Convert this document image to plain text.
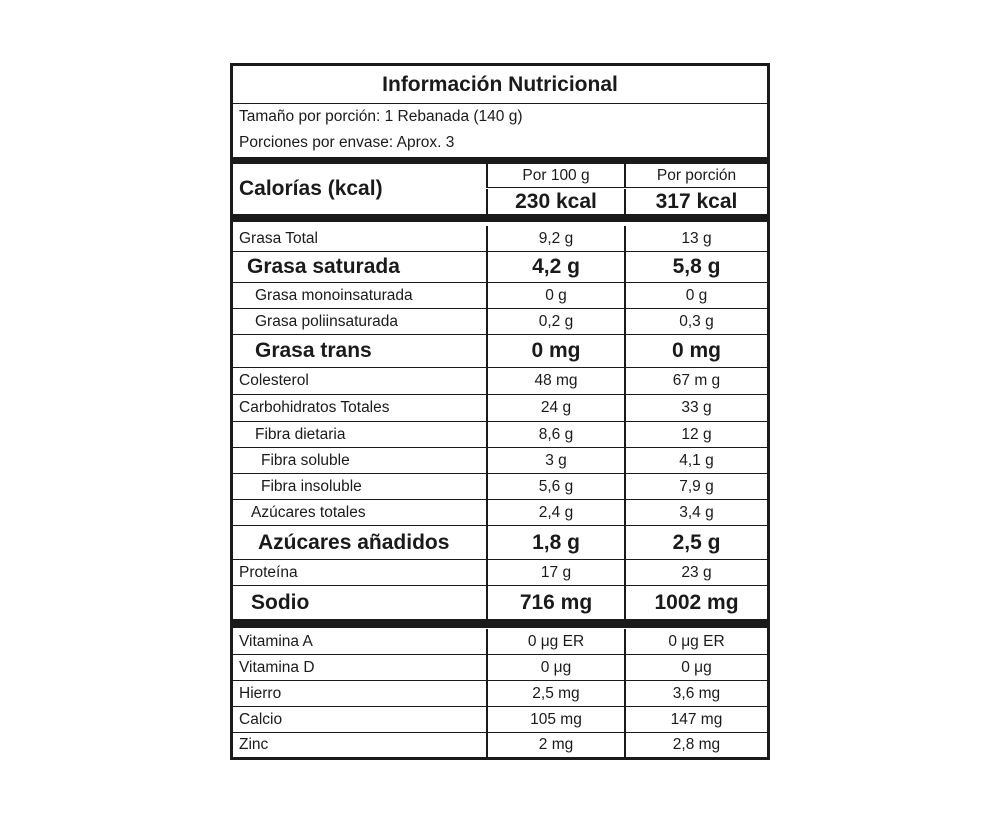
Información Nutricional
Tamaño por porción: 1 Rebanada (140 g)
Porciones por envase: Aprox. 3
Calorías (kcal)
Por 100 g	Por porción
230 kcal	317 kcal
Grasa Total	9,2 g	13 g
Grasa saturada	4,2 g	5,8 g
Grasa monoinsaturada	0 g	0 g
Grasa poliinsaturada	0,2 g	0,3 g
Grasa trans	0 mg	0 mg
Colesterol	48 mg	67 m g
Carbohidratos Totales	24 g	33 g
Fibra dietaria	8,6 g	12 g
Fibra soluble	3 g	4,1 g
Fibra insoluble	5,6 g	7,9 g
Azúcares totales	2,4 g	3,4 g
Azúcares añadidos	1,8 g	2,5 g
Proteína	17 g	23 g
Sodio	716 mg	1002 mg
Vitamina A	0 μg ER	0 μg ER
Vitamina D	0 μg	0 μg
Hierro	2,5 mg	3,6 mg
Calcio	105 mg	147 mg
Zinc	2 mg	2,8 mg
